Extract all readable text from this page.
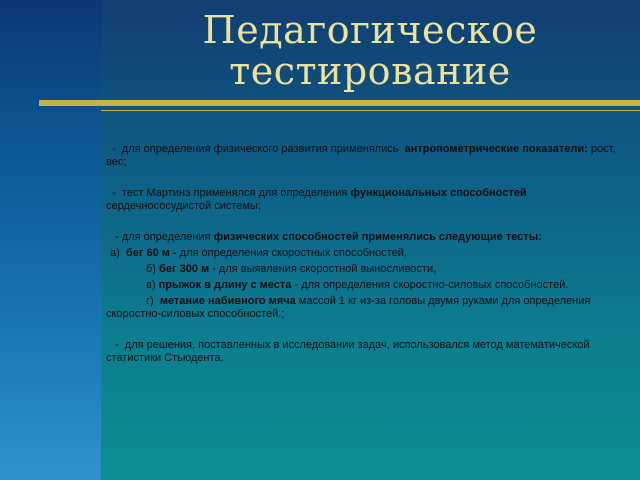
Педагогическое
тестирование

- для определения физического развития применялись антропометрические показатели: рост, вес;

- тест Мартинэ применялся для определения функциональных способностей сердечнососудистой системы;

- для определения физических способностей применялись следующие тесты:

а) бег 60 м - для определения скоростных способностей,

б) бег 300 м - для выявления скоростной выносливости,

в) прыжок в длину с места - для определения скоростно-силовых способностей.

г) метание набивного мяча массой 1 кг из-за головы двумя руками для определения скоростно-силовых способностей.;

- для решения, поставленных в исследовании задач, использовался метод математической статистики Стьюдента.
